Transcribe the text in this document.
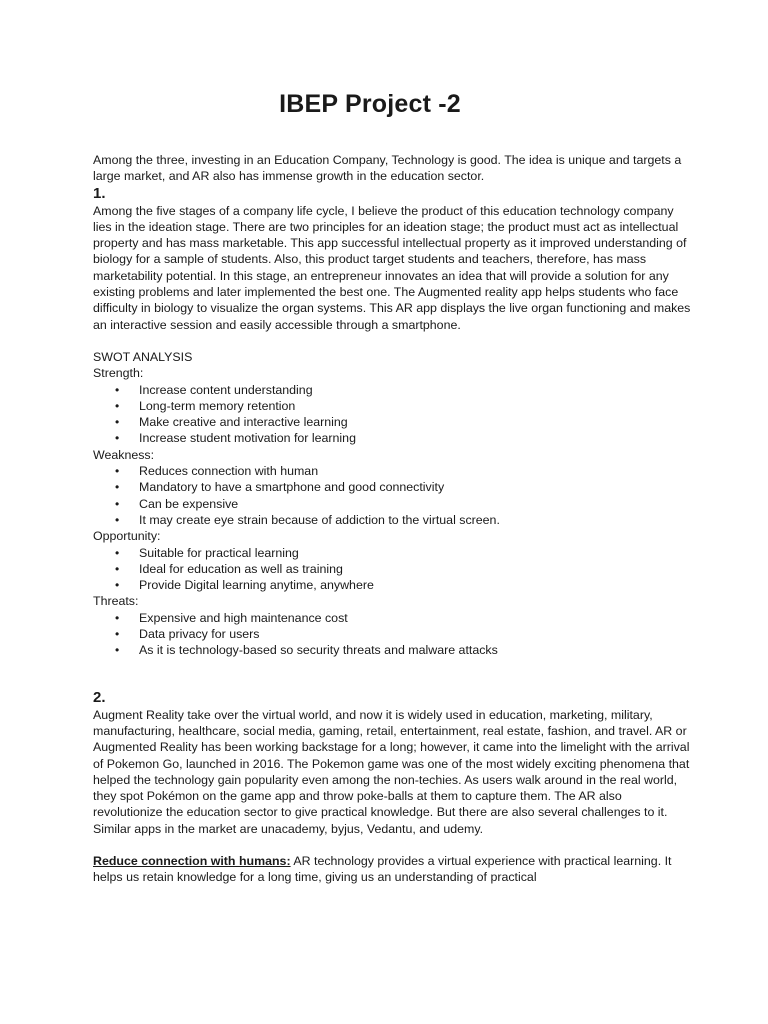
IBEP Project -2

Among the three, investing in an Education Company, Technology is good. The idea is unique and targets a large market, and AR also has immense growth in the education sector.

1.

Among the five stages of a company life cycle, I believe the product of this education technology company lies in the ideation stage. There are two principles for an ideation stage; the product must act as intellectual property and has mass marketable. This app successful intellectual property as it improved understanding of biology for a sample of students. Also, this product target students and teachers, therefore, has mass marketability potential. In this stage, an entrepreneur innovates an idea that will provide a solution for any existing problems and later implemented the best one. The Augmented reality app helps students who face difficulty in biology to visualize the organ systems. This AR app displays the live organ functioning and makes an interactive session and easily accessible through a smartphone.

SWOT ANALYSIS

Strength:

• Increase content understanding
• Long-term memory retention
• Make creative and interactive learning
• Increase student motivation for learning

Weakness:

• Reduces connection with human
• Mandatory to have a smartphone and good connectivity
• Can be expensive
• It may create eye strain because of addiction to the virtual screen.

Opportunity:

• Suitable for practical learning
• Ideal for education as well as training
• Provide Digital learning anytime, anywhere

Threats:

• Expensive and high maintenance cost
• Data privacy for users
• As it is technology-based so security threats and malware attacks

2.

Augment Reality take over the virtual world, and now it is widely used in education, marketing, military, manufacturing, healthcare, social media, gaming, retail, entertainment, real estate, fashion, and travel. AR or Augmented Reality has been working backstage for a long; however, it came into the limelight with the arrival of Pokemon Go, launched in 2016. The Pokemon game was one of the most widely exciting phenomena that helped the technology gain popularity even among the non-techies. As users walk around in the real world, they spot Pokémon on the game app and throw poke-balls at them to capture them. The AR also revolutionize the education sector to give practical knowledge. But there are also several challenges to it. Similar apps in the market are unacademy, byjus, Vedantu, and udemy.

Reduce connection with humans: AR technology provides a virtual experience with practical learning. It helps us retain knowledge for a long time, giving us an understanding of practical
